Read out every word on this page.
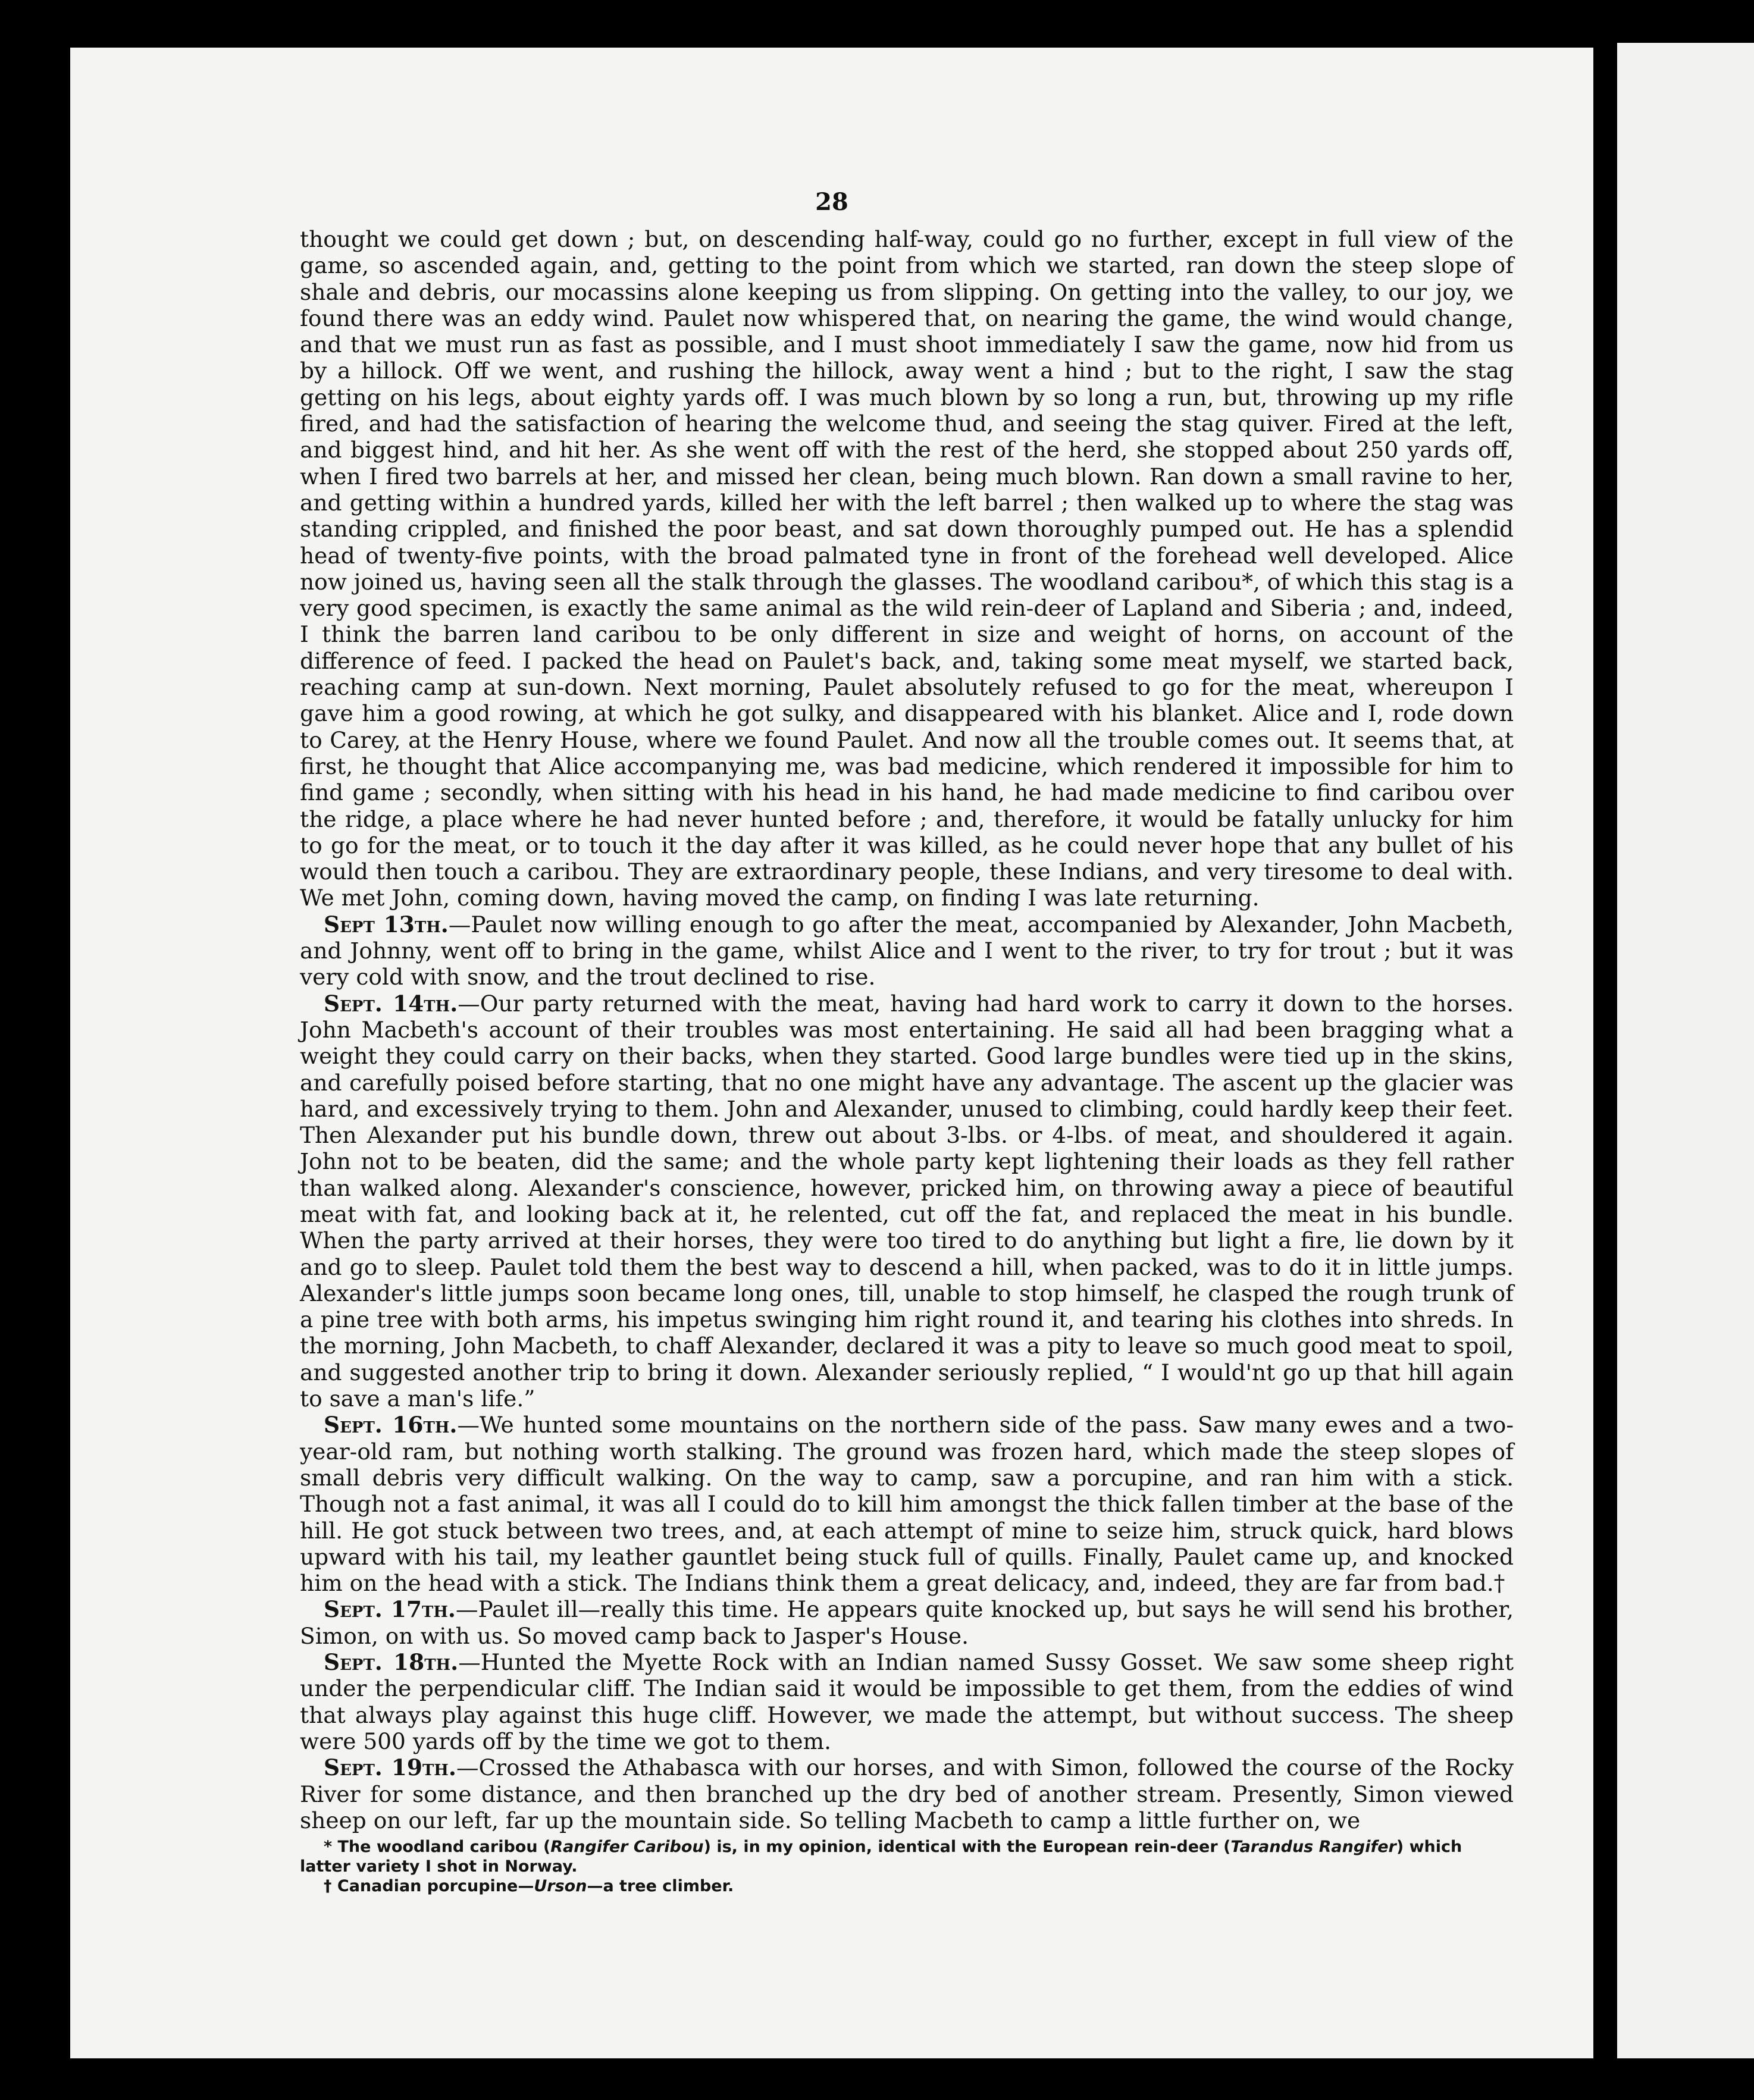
28

thought we could get down ; but, on descending half-way, could go no further, except in full view of the game, so ascended again, and, getting to the point from which we started, ran down the steep slope of shale and debris, our mocassins alone keeping us from slipping. On getting into the valley, to our joy, we found there was an eddy wind. Paulet now whispered that, on nearing the game, the wind would change, and that we must run as fast as possible, and I must shoot immediately I saw the game, now hid from us by a hillock. Off we went, and rushing the hillock, away went a hind ; but to the right, I saw the stag getting on his legs, about eighty yards off. I was much blown by so long a run, but, throwing up my rifle fired, and had the satisfaction of hearing the welcome thud, and seeing the stag quiver. Fired at the left, and biggest hind, and hit her. As she went off with the rest of the herd, she stopped about 250 yards off, when I fired two barrels at her, and missed her clean, being much blown. Ran down a small ravine to her, and getting within a hundred yards, killed her with the left barrel ; then walked up to where the stag was standing crippled, and finished the poor beast, and sat down thoroughly pumped out. He has a splendid head of twenty-five points, with the broad palmated tyne in front of the forehead well developed. Alice now joined us, having seen all the stalk through the glasses. The woodland caribou*, of which this stag is a very good specimen, is exactly the same animal as the wild rein-deer of Lapland and Siberia ; and, indeed, I think the barren land caribou to be only different in size and weight of horns, on account of the difference of feed. I packed the head on Paulet's back, and, taking some meat myself, we started back, reaching camp at sun-down. Next morning, Paulet absolutely refused to go for the meat, whereupon I gave him a good rowing, at which he got sulky, and disappeared with his blanket. Alice and I, rode down to Carey, at the Henry House, where we found Paulet. And now all the trouble comes out. It seems that, at first, he thought that Alice accompanying me, was bad medicine, which rendered it impossible for him to find game ; secondly, when sitting with his head in his hand, he had made medicine to find caribou over the ridge, a place where he had never hunted before ; and, therefore, it would be fatally unlucky for him to go for the meat, or to touch it the day after it was killed, as he could never hope that any bullet of his would then touch a caribou. They are extraordinary people, these Indians, and very tiresome to deal with. We met John, coming down, having moved the camp, on finding I was late returning.

Sept 13th.—Paulet now willing enough to go after the meat, accompanied by Alexander, John Macbeth, and Johnny, went off to bring in the game, whilst Alice and I went to the river, to try for trout ; but it was very cold with snow, and the trout declined to rise.

Sept. 14th.—Our party returned with the meat, having had hard work to carry it down to the horses. John Macbeth's account of their troubles was most entertaining. He said all had been bragging what a weight they could carry on their backs, when they started. Good large bundles were tied up in the skins, and carefully poised before starting, that no one might have any advantage. The ascent up the glacier was hard, and excessively trying to them. John and Alexander, unused to climbing, could hardly keep their feet. Then Alexander put his bundle down, threw out about 3-lbs. or 4-lbs. of meat, and shouldered it again. John not to be beaten, did the same; and the whole party kept lightening their loads as they fell rather than walked along. Alexander's conscience, however, pricked him, on throwing away a piece of beautiful meat with fat, and looking back at it, he relented, cut off the fat, and replaced the meat in his bundle. When the party arrived at their horses, they were too tired to do anything but light a fire, lie down by it and go to sleep. Paulet told them the best way to descend a hill, when packed, was to do it in little jumps. Alexander's little jumps soon became long ones, till, unable to stop himself, he clasped the rough trunk of a pine tree with both arms, his impetus swinging him right round it, and tearing his clothes into shreds. In the morning, John Macbeth, to chaff Alexander, declared it was a pity to leave so much good meat to spoil, and suggested another trip to bring it down. Alexander seriously replied, “ I would'nt go up that hill again to save a man's life.”

Sept. 16th.—We hunted some mountains on the northern side of the pass. Saw many ewes and a two-year-old ram, but nothing worth stalking. The ground was frozen hard, which made the steep slopes of small debris very difficult walking. On the way to camp, saw a porcupine, and ran him with a stick. Though not a fast animal, it was all I could do to kill him amongst the thick fallen timber at the base of the hill. He got stuck between two trees, and, at each attempt of mine to seize him, struck quick, hard blows upward with his tail, my leather gauntlet being stuck full of quills. Finally, Paulet came up, and knocked him on the head with a stick. The Indians think them a great delicacy, and, indeed, they are far from bad.†

Sept. 17th.—Paulet ill—really this time. He appears quite knocked up, but says he will send his brother, Simon, on with us. So moved camp back to Jasper's House.

Sept. 18th.—Hunted the Myette Rock with an Indian named Sussy Gosset. We saw some sheep right under the perpendicular cliff. The Indian said it would be impossible to get them, from the eddies of wind that always play against this huge cliff. However, we made the attempt, but without success. The sheep were 500 yards off by the time we got to them.

Sept. 19th.—Crossed the Athabasca with our horses, and with Simon, followed the course of the Rocky River for some distance, and then branched up the dry bed of another stream. Presently, Simon viewed sheep on our left, far up the mountain side. So telling Macbeth to camp a little further on, we

* The woodland caribou (Rangifer Caribou) is, in my opinion, identical with the European rein-deer (Tarandus Rangifer) which latter variety I shot in Norway.

† Canadian porcupine—Urson—a tree climber.
